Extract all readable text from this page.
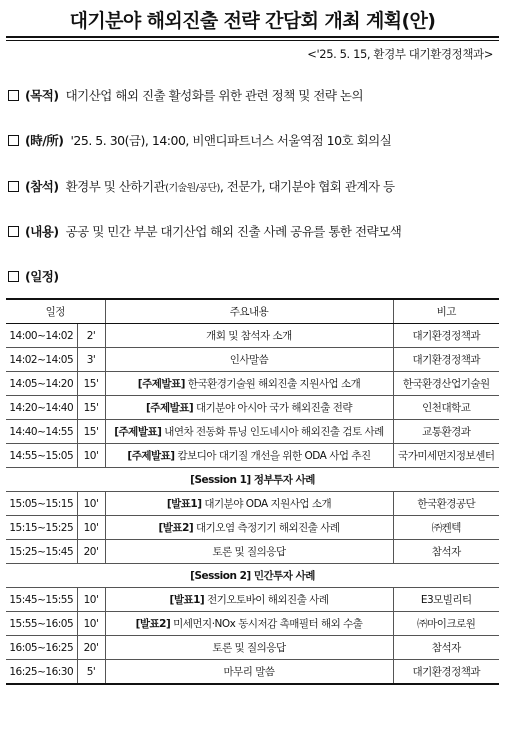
대기분야 해외진출 전략 간담회 개최 계획(안)
<'25. 5. 15, 환경부 대기환경정책과>
(목적) 대기산업 해외 진출 활성화를 위한 관련 정책 및 전략 논의
(時/所) '25. 5. 30(금), 14:00, 비앤디파트너스 서울역점 10호 회의실
(참석) 환경부 및 산하기관 (기술원/공단) , 전문가, 대기분야 협회 관계자 등
(내용) 공공 및 민간 부분 대기산업 해외 진출 사례 공유를 통한 전략모색
(일정)
일정		주요내용	비고
14:00~14:02	2'	개회 및 참석자 소개	대기환경정책과
14:02~14:05	3'	인사말씀	대기환경정책과
14:05~14:20	15'	[주제발표] 한국환경기술원 해외진출 지원사업 소개	한국환경산업기술원
14:20~14:40	15'	[주제발표] 대기분야 아시아 국가 해외진출 전략	인천대학교
14:40~14:55	15'	[주제발표] 내연차 전동화 튜닝 인도네시아 해외진출 검토 사례	교통환경과
14:55~15:05	10'	[주제발표] 캄보디아 대기질 개선을 위한 ODA 사업 추진	국가미세먼지정보센터
[Session 1] 정부투자 사례			
15:05~15:15	10'	[발표1] 대기분야 ODA 지원사업 소개	한국환경공단
15:15~15:25	10'	[발표2] 대기오염 측정기기 해외진출 사례	㈜켄텍
15:25~15:45	20'	토론 및 질의응답	참석자
[Session 2] 민간투자 사례			
15:45~15:55	10'	[발표1] 전기오토바이 해외진출 사례	E3모빌리티
15:55~16:05	10'	[발표2] 미세먼지·NOx 동시저감 촉매필터 해외 수출	㈜마이크로원
16:05~16:25	20'	토론 및 질의응답	참석자
16:25~16:30	5'	마무리 말씀	대기환경정책과
